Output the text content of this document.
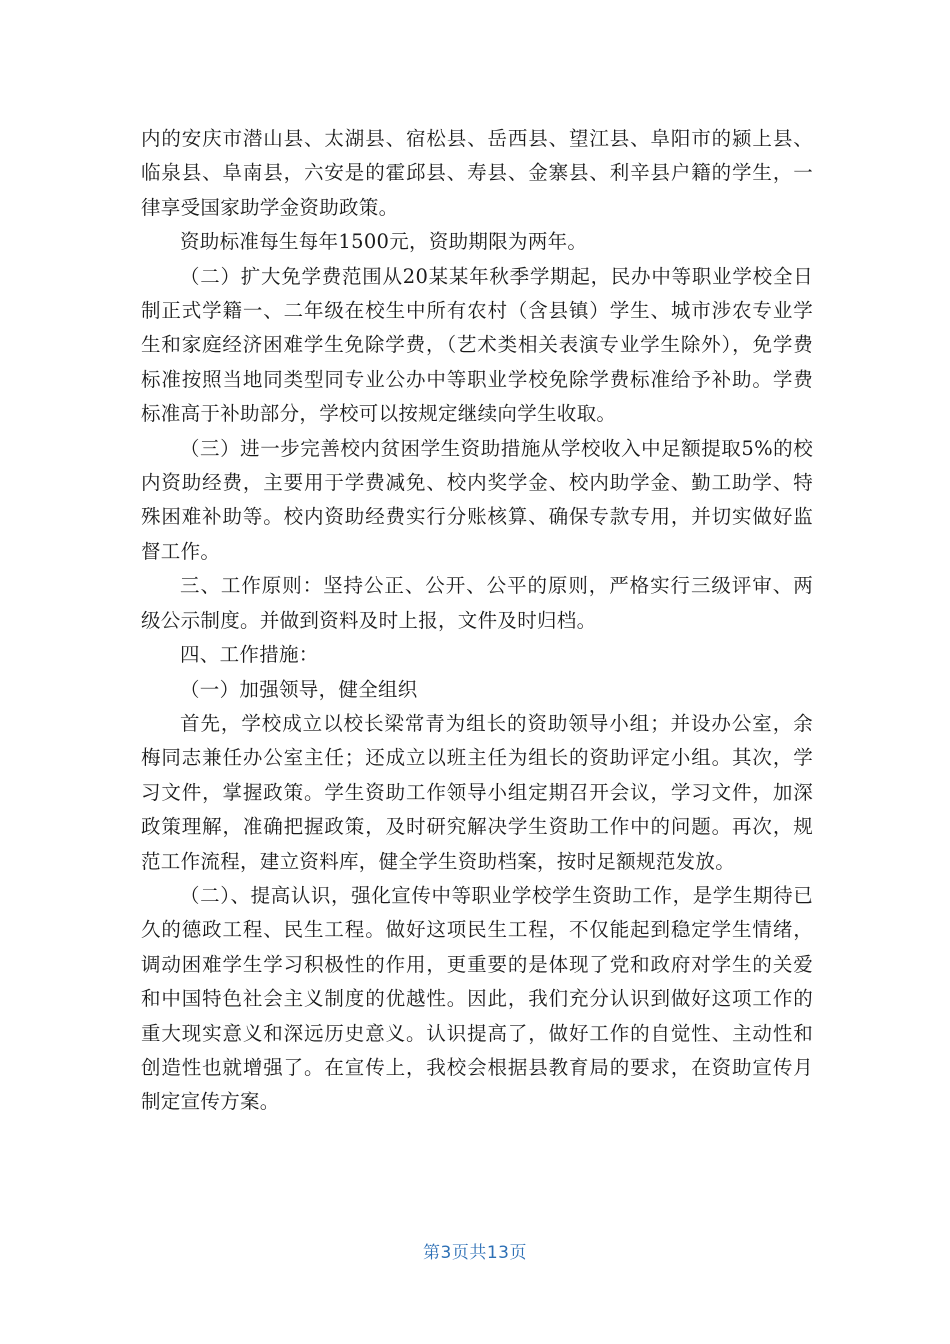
内的安庆市潜山县、太湖县、宿松县、岳西县、望江县、阜阳市的颍上县、临泉县、阜南县，六安是的霍邱县、寿县、金寨县、利辛县户籍的学生，一律享受国家助学金资助政策。

资助标准每生每年1500元，资助期限为两年。

（二）扩大免学费范围从20某某年秋季学期起，民办中等职业学校全日制正式学籍一、二年级在校生中所有农村（含县镇）学生、城市涉农专业学生和家庭经济困难学生免除学费，（艺术类相关表演专业学生除外），免学费标准按照当地同类型同专业公办中等职业学校免除学费标准给予补助。学费标准高于补助部分，学校可以按规定继续向学生收取。

（三）进一步完善校内贫困学生资助措施从学校收入中足额提取5%的校内资助经费，主要用于学费减免、校内奖学金、校内助学金、勤工助学、特殊困难补助等。校内资助经费实行分账核算、确保专款专用，并切实做好监督工作。

三、工作原则：坚持公正、公开、公平的原则，严格实行三级评审、两级公示制度。并做到资料及时上报，文件及时归档。

四、工作措施：

（一）加强领导，健全组织

首先，学校成立以校长梁常青为组长的资助领导小组；并设办公室，余梅同志兼任办公室主任；还成立以班主任为组长的资助评定小组。其次，学习文件，掌握政策。学生资助工作领导小组定期召开会议，学习文件，加深政策理解，准确把握政策，及时研究解决学生资助工作中的问题。再次，规范工作流程，建立资料库，健全学生资助档案，按时足额规范发放。

（二）、提高认识，强化宣传中等职业学校学生资助工作，是学生期待已久的德政工程、民生工程。做好这项民生工程，不仅能起到稳定学生情绪，调动困难学生学习积极性的作用，更重要的是体现了党和政府对学生的关爱和中国特色社会主义制度的优越性。因此，我们充分认识到做好这项工作的重大现实意义和深远历史意义。认识提高了，做好工作的自觉性、主动性和创造性也就增强了。在宣传上，我校会根据县教育局的要求，在资助宣传月制定宣传方案。

第3页共13页
